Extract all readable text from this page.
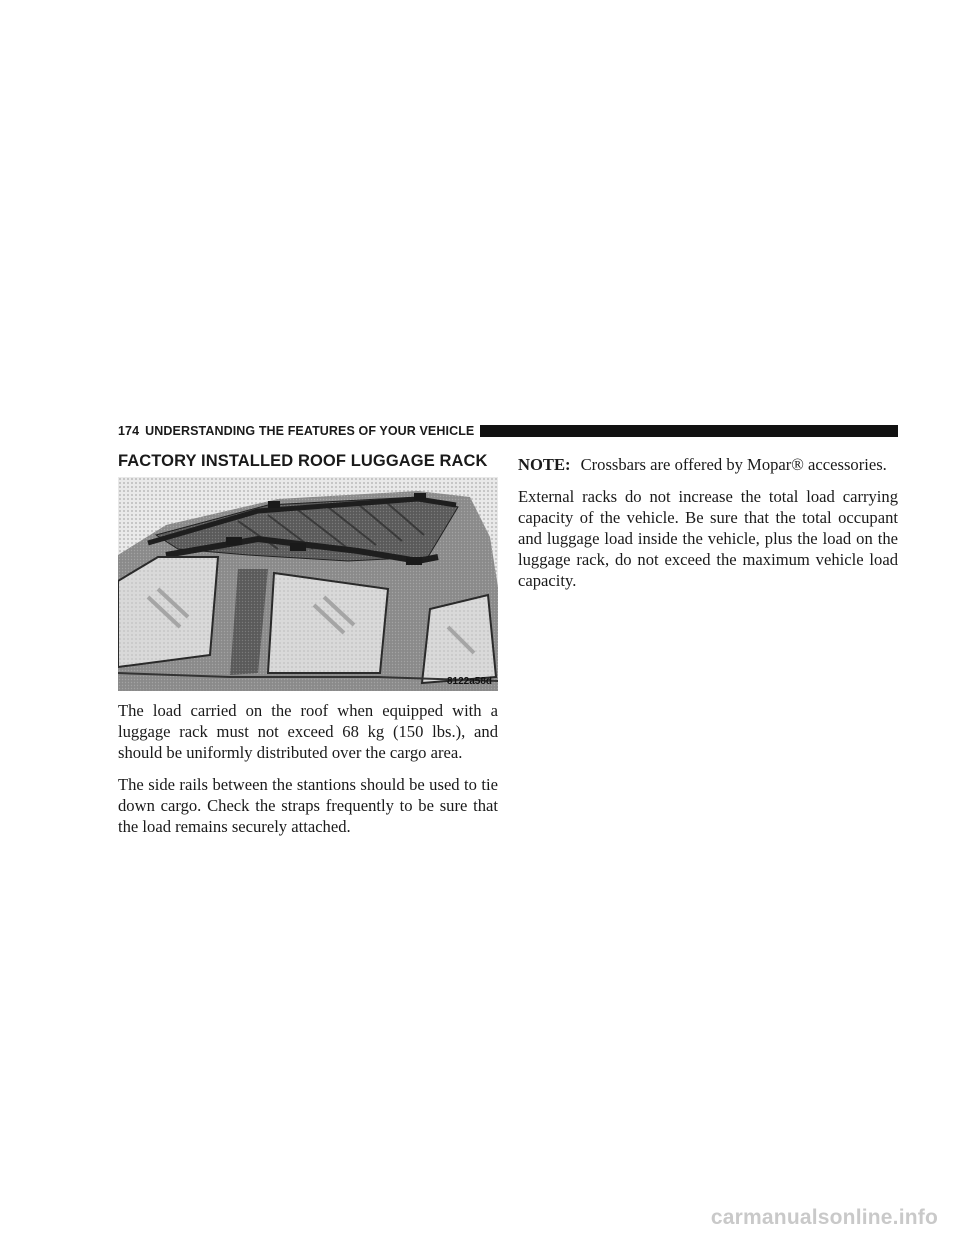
174 UNDERSTANDING THE FEATURES OF YOUR VEHICLE
FACTORY INSTALLED ROOF LUGGAGE RACK
8122a58d

The load carried on the roof when equipped with a luggage rack must not exceed 68 kg (150 lbs.), and should be uniformly distributed over the cargo area.

The side rails between the stantions should be used to tie down cargo. Check the straps frequently to be sure that the load remains securely attached.

NOTE: Crossbars are offered by Mopar® accessories.

External racks do not increase the total load carrying capacity of the vehicle. Be sure that the total occupant and luggage load inside the vehicle, plus the load on the luggage rack, do not exceed the maximum vehicle load capacity.

carmanualsonline.info
